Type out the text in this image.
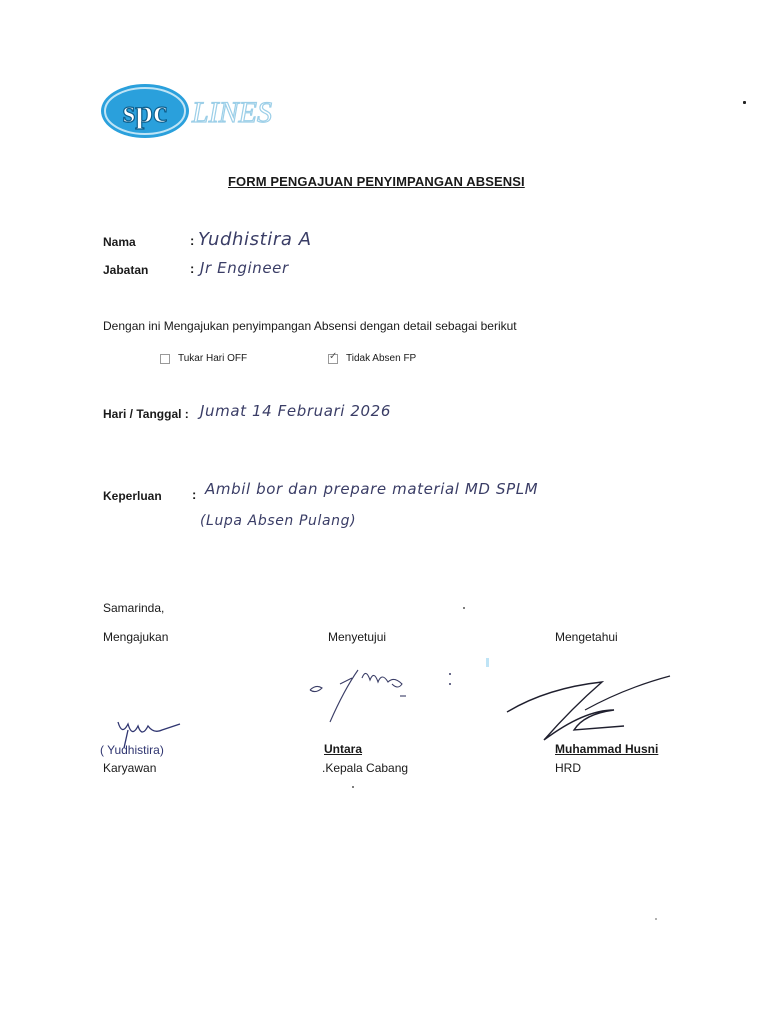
spc LINES
FORM PENGAJUAN PENYIMPANGAN ABSENSI
Nama	: Yudhistira A
Jabatan	: Jr Engineer
Dengan ini Mengajukan penyimpangan Absensi dengan detail sebagai berikut
Tukar Hari OFF	✓ Tidak Absen FP
Hari / Tanggal : Jumat 14 Februari 2026
Keperluan : Ambil bor dan prepare material MD SPLM
(Lupa Absen Pulang)
Samarinda,
Mengajukan	Menyetujui	Mengetahui
( Yudhistira)	Untara	Muhammad Husni
Karyawan	.Kepala Cabang	HRD
